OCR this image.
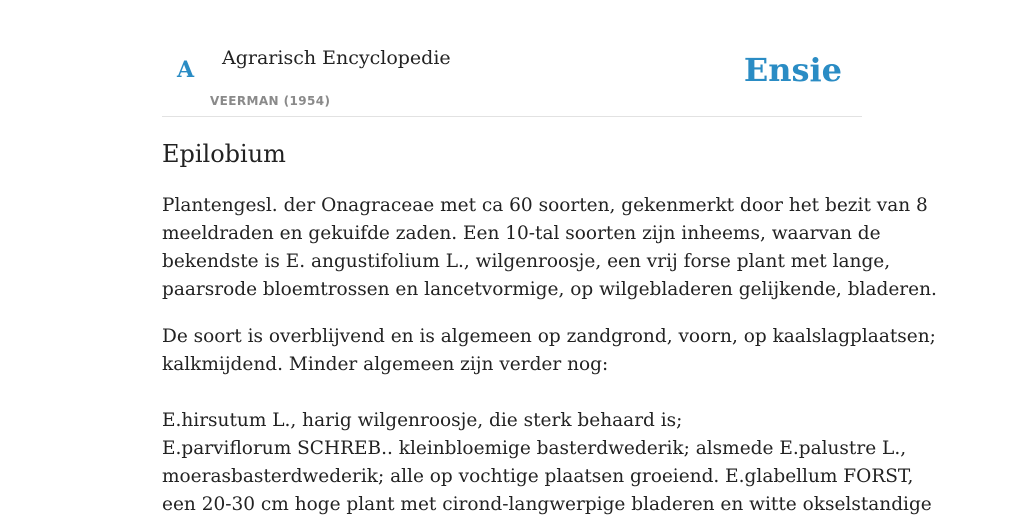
A Agrarisch Encyclopedie
VEERMAN (1954)
Ensie
Epilobium

Plantengesl. der Onagraceae met ca 60 soorten, gekenmerkt door het bezit van 8
meeldraden en gekuifde zaden. Een 10-tal soorten zijn inheems, waarvan de
bekendste is E. angustifolium L., wilgenroosje, een vrij forse plant met lange,
paarsrode bloemtrossen en lancetvormige, op wilgebladeren gelijkende, bladeren.

De soort is overblijvend en is algemeen op zandgrond, voorn, op kaalslagplaatsen;
kalkmijdend. Minder algemeen zijn verder nog:

E.hirsutum L., harig wilgenroosje, die sterk behaard is;
E.parviflorum SCHREB.. kleinbloemige basterdwederik; alsmede E.palustre L.,
moerasbasterdwederik; alle op vochtige plaatsen groeiend. E.glabellum FORST,
een 20-30 cm hoge plant met cirond-langwerpige bladeren en witte okselstandige
